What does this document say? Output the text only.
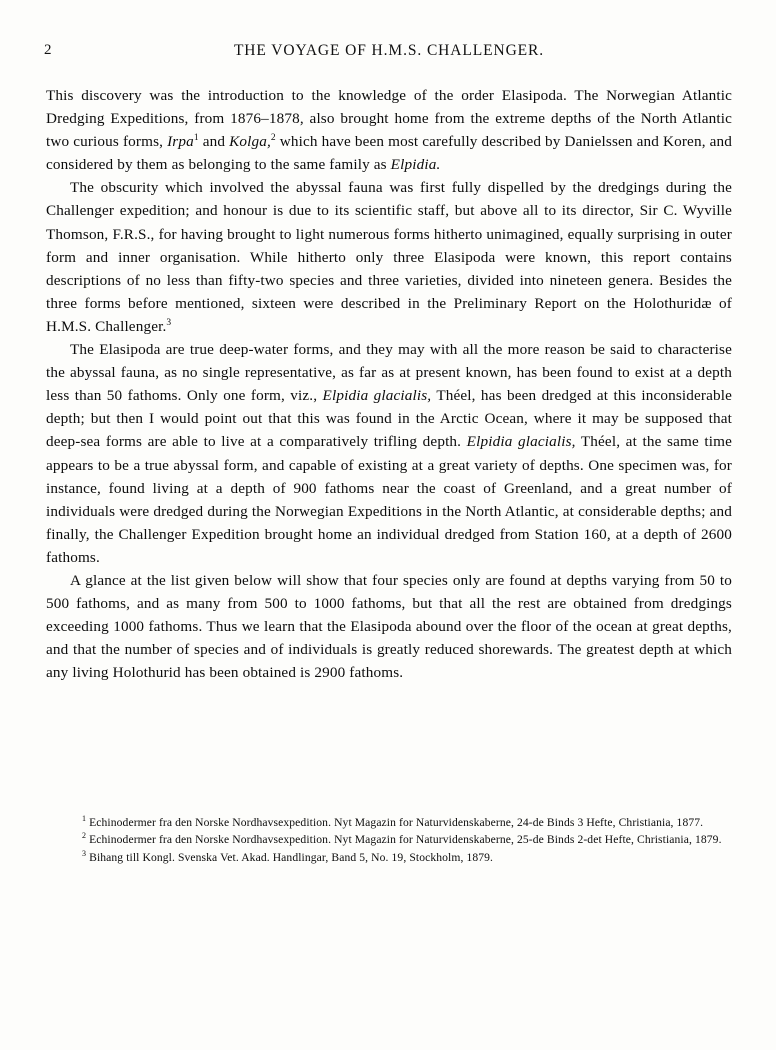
2	THE VOYAGE OF H.M.S. CHALLENGER.

This discovery was the introduction to the knowledge of the order Elasipoda. The Norwegian Atlantic Dredging Expeditions, from 1876–1878, also brought home from the extreme depths of the North Atlantic two curious forms, Irpa$^1$ and Kolga,$^2$ which have been most carefully described by Danielssen and Koren, and considered by them as belonging to the same family as Elpidia.

The obscurity which involved the abyssal fauna was first fully dispelled by the dredgings during the Challenger expedition; and honour is due to its scientific staff, but above all to its director, Sir C. Wyville Thomson, F.R.S., for having brought to light numerous forms hitherto unimagined, equally surprising in outer form and inner organisation. While hitherto only three Elasipoda were known, this report contains descriptions of no less than fifty-two species and three varieties, divided into nineteen genera. Besides the three forms before mentioned, sixteen were described in the Preliminary Report on the Holothuridæ of H.M.S. Challenger.$^3$

The Elasipoda are true deep-water forms, and they may with all the more reason be said to characterise the abyssal fauna, as no single representative, as far as at present known, has been found to exist at a depth less than 50 fathoms. Only one form, viz., Elpidia glacialis, Théel, has been dredged at this inconsiderable depth; but then I would point out that this was found in the Arctic Ocean, where it may be supposed that deep-sea forms are able to live at a comparatively trifling depth. Elpidia glacialis, Théel, at the same time appears to be a true abyssal form, and capable of existing at a great variety of depths. One specimen was, for instance, found living at a depth of 900 fathoms near the coast of Greenland, and a great number of individuals were dredged during the Norwegian Expeditions in the North Atlantic, at considerable depths; and finally, the Challenger Expedition brought home an individual dredged from Station 160, at a depth of 2600 fathoms.

A glance at the list given below will show that four species only are found at depths varying from 50 to 500 fathoms, and as many from 500 to 1000 fathoms, but that all the rest are obtained from dredgings exceeding 1000 fathoms. Thus we learn that the Elasipoda abound over the floor of the ocean at great depths, and that the number of species and of individuals is greatly reduced shorewards. The greatest depth at which any living Holothurid has been obtained is 2900 fathoms.

$^1$ Echinodermer fra den Norske Nordhavsexpedition. Nyt Magazin for Naturvidenskaberne, 24-de Binds 3 Hefte, Christiania, 1877.

$^2$ Echinodermer fra den Norske Nordhavsexpedition. Nyt Magazin for Naturvidenskaberne, 25-de Binds 2-det Hefte, Christiania, 1879.

$^3$ Bihang till Kongl. Svenska Vet. Akad. Handlingar, Band 5, No. 19, Stockholm, 1879.
